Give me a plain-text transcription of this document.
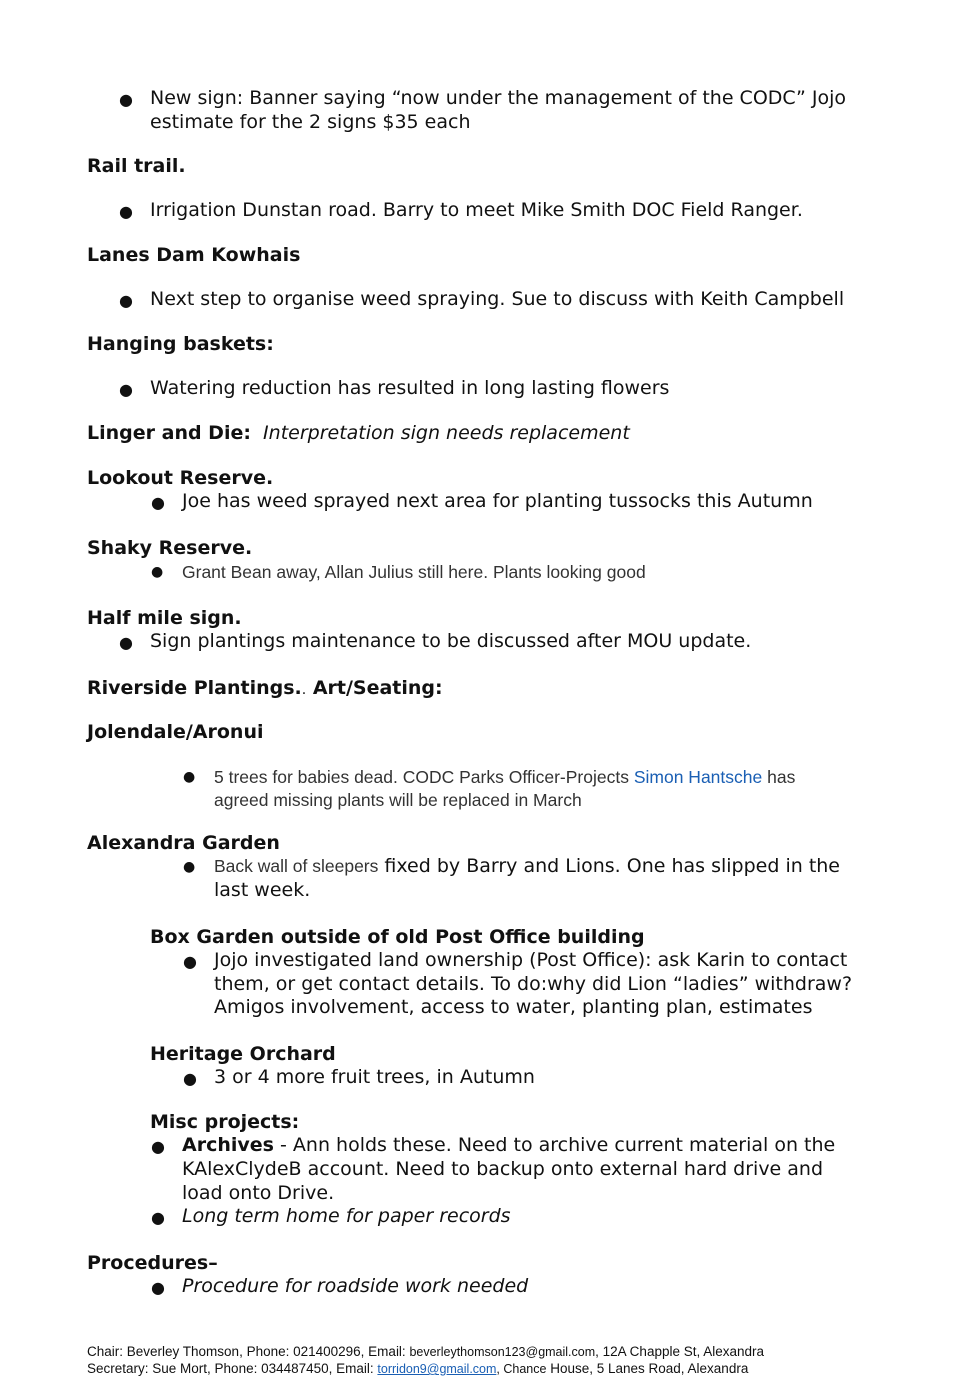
● New sign: Banner saying “now under the management of the CODC” Jojo
estimate for the 2 signs $35 each
Rail trail.
● Irrigation Dunstan road. Barry to meet Mike Smith DOC Field Ranger.
Lanes Dam Kowhais
● Next step to organise weed spraying. Sue to discuss with Keith Campbell
Hanging baskets:
● Watering reduction has resulted in long lasting flowers
Linger and Die: Interpretation sign needs replacement
Lookout Reserve.
● Joe has weed sprayed next area for planting tussocks this Autumn
Shaky Reserve.
● Grant Bean away, Allan Julius still here. Plants looking good
Half mile sign.
● Sign plantings maintenance to be discussed after MOU update.
Riverside Plantings.. Art/Seating:
Jolendale/Aronui
● 5 trees for babies dead. CODC Parks Officer-Projects Simon Hantsche has
agreed missing plants will be replaced in March
Alexandra Garden
● Back wall of sleepers fixed by Barry and Lions. One has slipped in the
last week.
Box Garden outside of old Post Office building
● Jojo investigated land ownership (Post Office): ask Karin to contact
them, or get contact details. To do:why did Lion “ladies” withdraw?
Amigos involvement, access to water, planting plan, estimates
Heritage Orchard
● 3 or 4 more fruit trees, in Autumn
Misc projects:
● Archives - Ann holds these. Need to archive current material on the
KAlexClydeB account. Need to backup onto external hard drive and
load onto Drive.
● Long term home for paper records
Procedures–
● Procedure for roadside work needed
Chair: Beverley Thomson, Phone: 021400296, Email: beverleythomson123@gmail.com, 12A Chapple St, Alexandra
Secretary: Sue Mort, Phone: 034487450, Email: torridon9@gmail.com, Chance House, 5 Lanes Road, Alexandra
